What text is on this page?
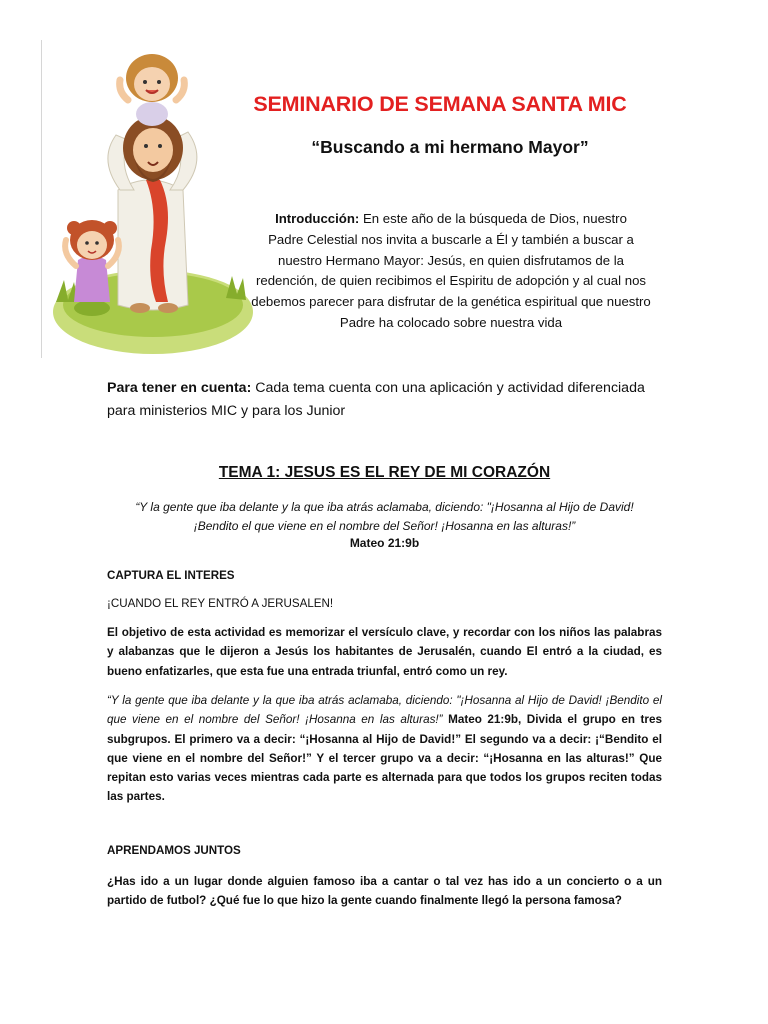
SEMINARIO DE SEMANA SANTA MIC
“Buscando a mi hermano Mayor”
Introducción: En este año de la búsqueda de Dios, nuestro
Padre Celestial nos invita a buscarle a Él y también a buscar a
nuestro Hermano Mayor: Jesús, en quien disfrutamos de la
redención, de quien recibimos el Espiritu de adopción y al cual nos
debemos parecer para disfrutar de la genética espiritual que nuestro
Padre ha colocado sobre nuestra vida
Para tener en cuenta: Cada tema cuenta con una aplicación y actividad diferenciada para ministerios MIC y para los Junior
TEMA 1: JESUS ES EL REY DE MI CORAZÓN
“Y la gente que iba delante y la que iba atrás aclamaba, diciendo: "¡Hosanna al Hijo de David!
¡Bendito el que viene en el nombre del Señor! ¡Hosanna en las alturas!”
Mateo 21:9b
CAPTURA EL INTERES
¡CUANDO EL REY ENTRÓ A JERUSALEN!
El objetivo de esta actividad es memorizar el versículo clave, y recordar con los niños las palabras y alabanzas que le dijeron a Jesús los habitantes de Jerusalén, cuando El entró a la ciudad, es bueno enfatizarles, que esta fue una entrada triunfal, entró como un rey.
“Y la gente que iba delante y la que iba atrás aclamaba, diciendo: "¡Hosanna al Hijo de David! ¡Bendito el que viene en el nombre del Señor! ¡Hosanna en las alturas!” Mateo 21:9b, Divida el grupo en tres subgrupos. El primero va a decir: “¡Hosanna al Hijo de David!” El segundo va a decir: ¡“Bendito el que viene en el nombre del Señor!” Y el tercer grupo va a decir: “¡Hosanna en las alturas!” Que repitan esto varias veces mientras cada parte es alternada para que todos los grupos reciten todas las partes.
APRENDAMOS JUNTOS
¿Has ido a un lugar donde alguien famoso iba a cantar o tal vez has ido a un concierto o a un partido de futbol? ¿Qué fue lo que hizo la gente cuando finalmente llegó la persona famosa?
